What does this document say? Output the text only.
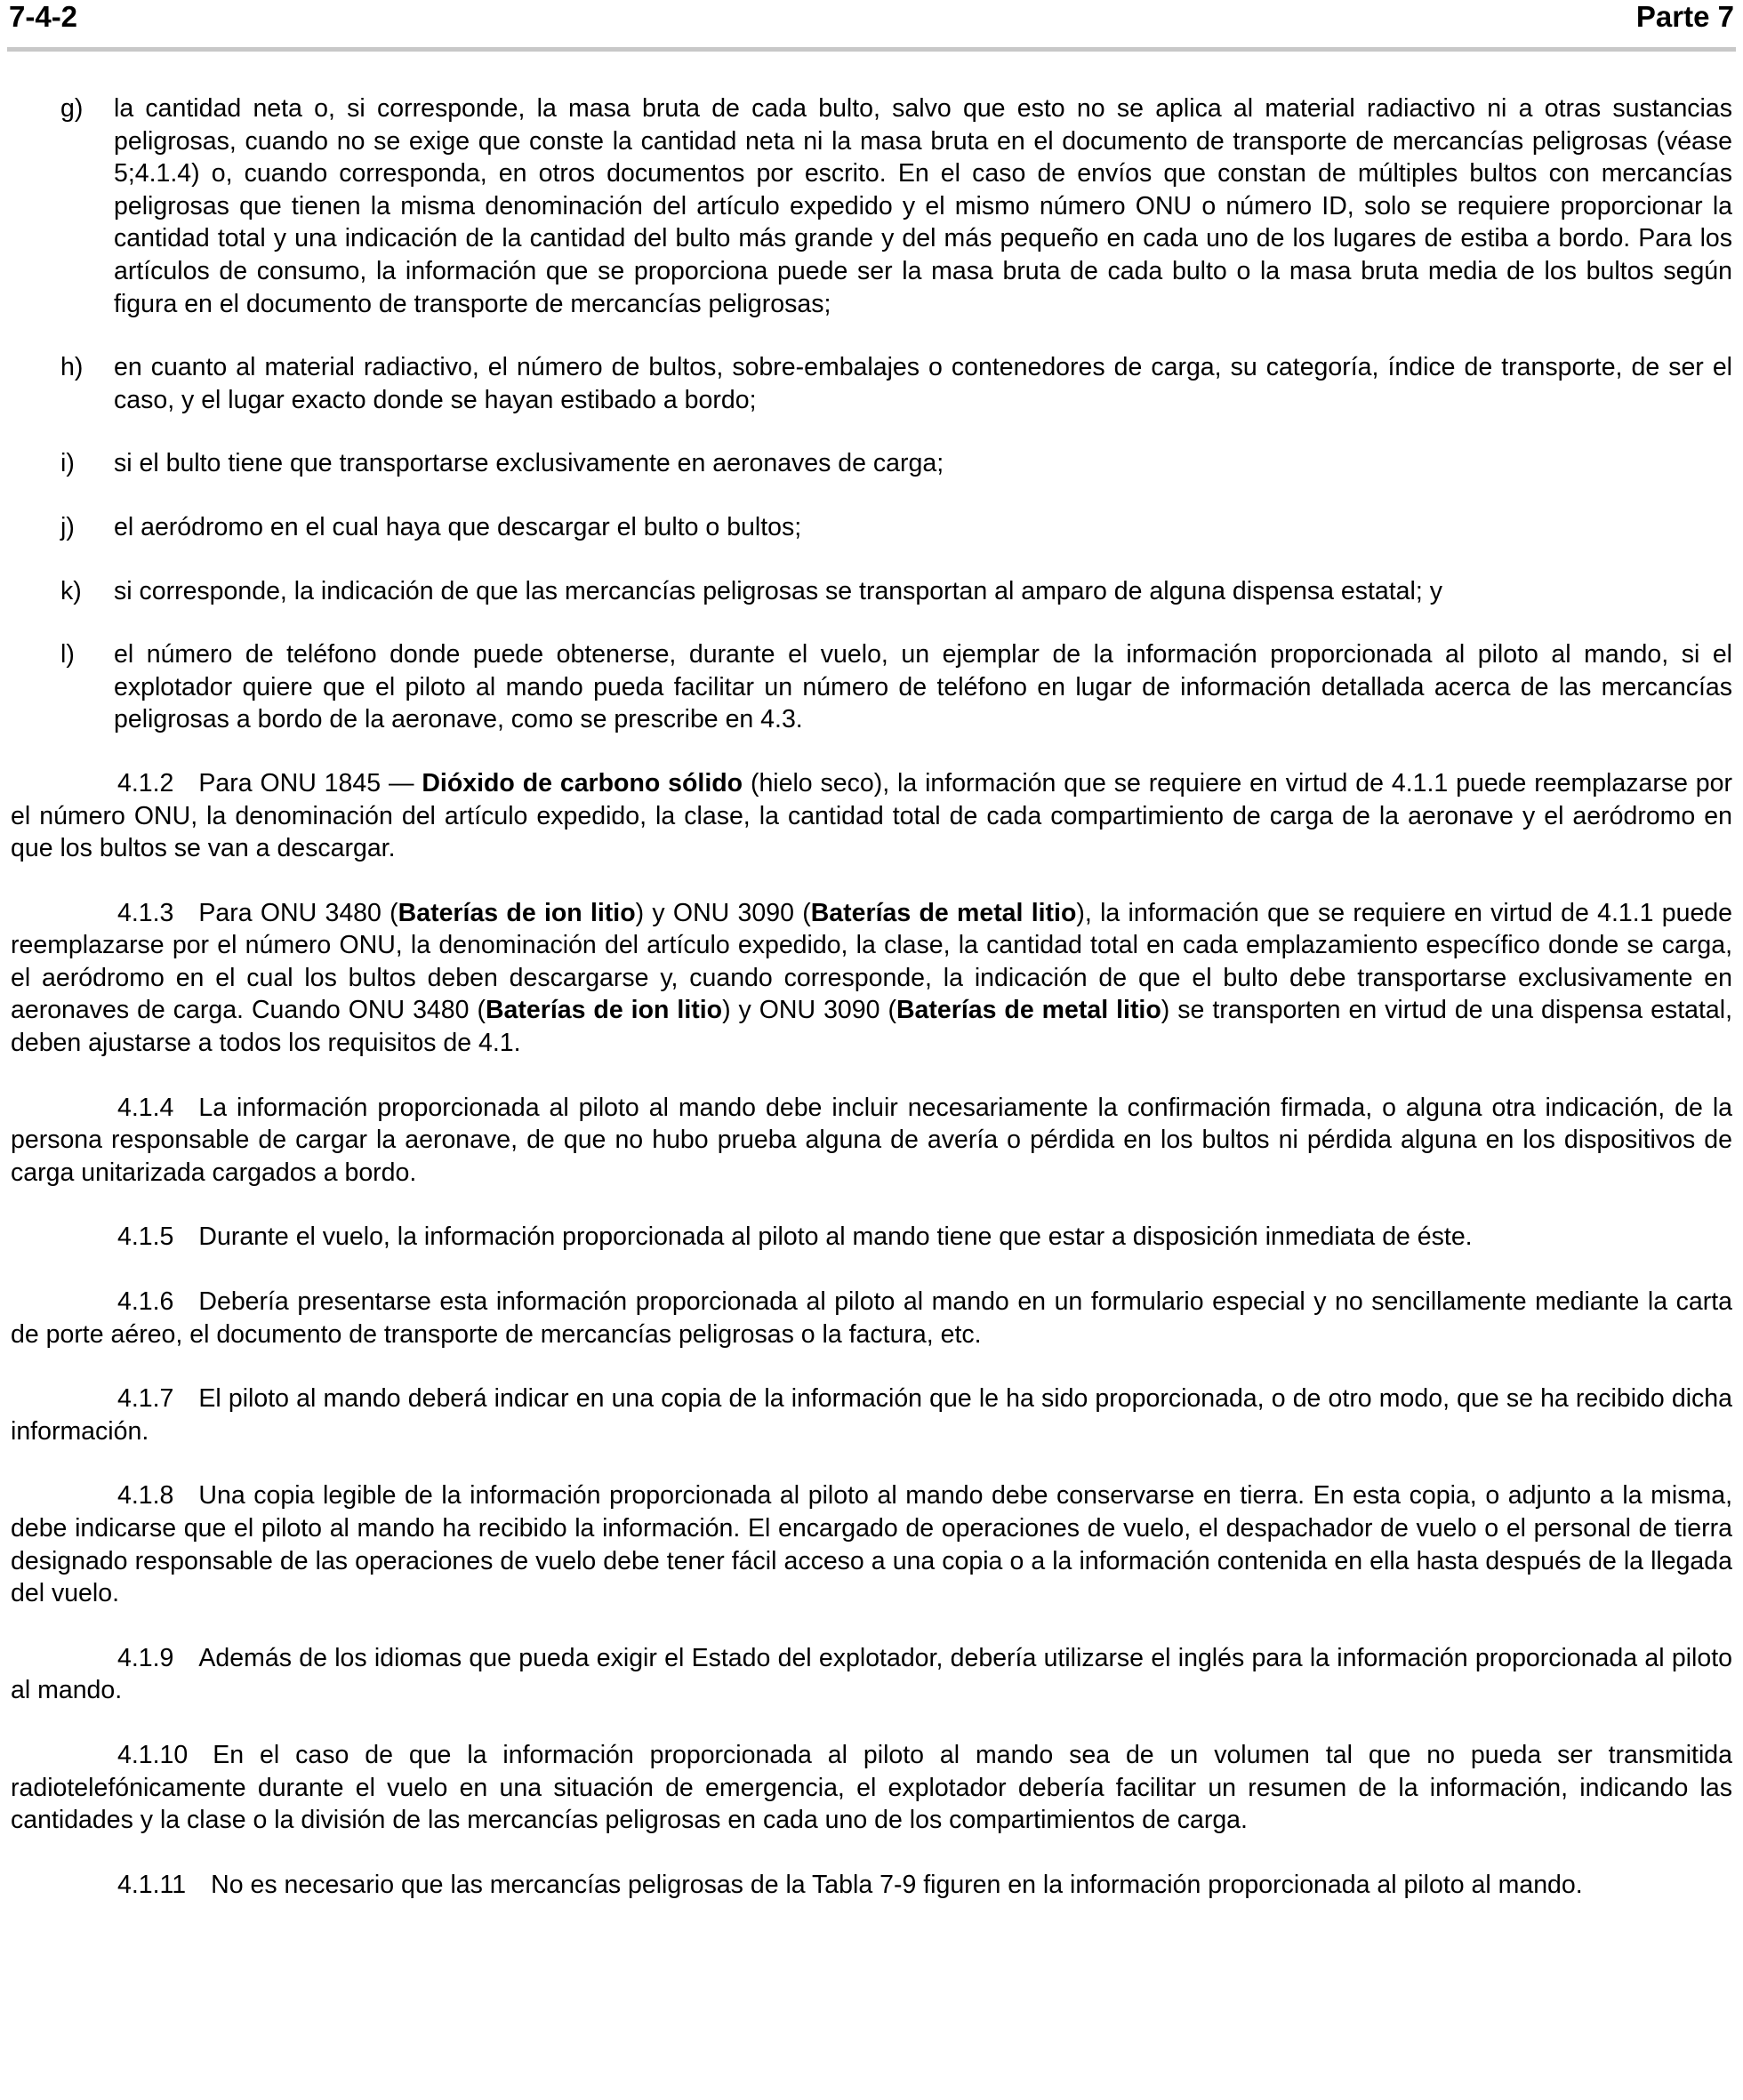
7-4-2	Parte 7
g)	la cantidad neta o, si corresponde, la masa bruta de cada bulto, salvo que esto no se aplica al material radiactivo ni a otras sustancias peligrosas, cuando no se exige que conste la cantidad neta ni la masa bruta en el documento de transporte de mercancías peligrosas (véase 5;4.1.4) o, cuando corresponda, en otros documentos por escrito. En el caso de envíos que constan de múltiples bultos con mercancías peligrosas que tienen la misma denominación del artículo expedido y el mismo número ONU o número ID, solo se requiere proporcionar la cantidad total y una indicación de la cantidad del bulto más grande y del más pequeño en cada uno de los lugares de estiba a bordo. Para los artículos de consumo, la información que se proporciona puede ser la masa bruta de cada bulto o la masa bruta media de los bultos según figura en el documento de transporte de mercancías peligrosas;
h)	en cuanto al material radiactivo, el número de bultos, sobre-embalajes o contenedores de carga, su categoría, índice de transporte, de ser el caso, y el lugar exacto donde se hayan estibado a bordo;
i)	si el bulto tiene que transportarse exclusivamente en aeronaves de carga;
j)	el aeródromo en el cual haya que descargar el bulto o bultos;
k)	si corresponde, la indicación de que las mercancías peligrosas se transportan al amparo de alguna dispensa estatal; y
l)	el número de teléfono donde puede obtenerse, durante el vuelo, un ejemplar de la información proporcionada al piloto al mando, si el explotador quiere que el piloto al mando pueda facilitar un número de teléfono en lugar de información detallada acerca de las mercancías peligrosas a bordo de la aeronave, como se prescribe en 4.3.

4.1.2 Para ONU 1845 — Dióxido de carbono sólido (hielo seco), la información que se requiere en virtud de 4.1.1 puede reemplazarse por el número ONU, la denominación del artículo expedido, la clase, la cantidad total de cada compartimiento de carga de la aeronave y el aeródromo en que los bultos se van a descargar.

4.1.3 Para ONU 3480 (Baterías de ion litio) y ONU 3090 (Baterías de metal litio), la información que se requiere en virtud de 4.1.1 puede reemplazarse por el número ONU, la denominación del artículo expedido, la clase, la cantidad total en cada emplazamiento específico donde se carga, el aeródromo en el cual los bultos deben descargarse y, cuando corresponde, la indicación de que el bulto debe transportarse exclusivamente en aeronaves de carga. Cuando ONU 3480 (Baterías de ion litio) y ONU 3090 (Baterías de metal litio) se transporten en virtud de una dispensa estatal, deben ajustarse a todos los requisitos de 4.1.

4.1.4 La información proporcionada al piloto al mando debe incluir necesariamente la confirmación firmada, o alguna otra indicación, de la persona responsable de cargar la aeronave, de que no hubo prueba alguna de avería o pérdida en los bultos ni pérdida alguna en los dispositivos de carga unitarizada cargados a bordo.

4.1.5 Durante el vuelo, la información proporcionada al piloto al mando tiene que estar a disposición inmediata de éste.

4.1.6 Debería presentarse esta información proporcionada al piloto al mando en un formulario especial y no sencillamente mediante la carta de porte aéreo, el documento de transporte de mercancías peligrosas o la factura, etc.

4.1.7 El piloto al mando deberá indicar en una copia de la información que le ha sido proporcionada, o de otro modo, que se ha recibido dicha información.

4.1.8 Una copia legible de la información proporcionada al piloto al mando debe conservarse en tierra. En esta copia, o adjunto a la misma, debe indicarse que el piloto al mando ha recibido la información. El encargado de operaciones de vuelo, el despachador de vuelo o el personal de tierra designado responsable de las operaciones de vuelo debe tener fácil acceso a una copia o a la información contenida en ella hasta después de la llegada del vuelo.

4.1.9 Además de los idiomas que pueda exigir el Estado del explotador, debería utilizarse el inglés para la información proporcionada al piloto al mando.

4.1.10 En el caso de que la información proporcionada al piloto al mando sea de un volumen tal que no pueda ser transmitida radiotelefónicamente durante el vuelo en una situación de emergencia, el explotador debería facilitar un resumen de la información, indicando las cantidades y la clase o la división de las mercancías peligrosas en cada uno de los compartimientos de carga.

4.1.11 No es necesario que las mercancías peligrosas de la Tabla 7-9 figuren en la información proporcionada al piloto al mando.
